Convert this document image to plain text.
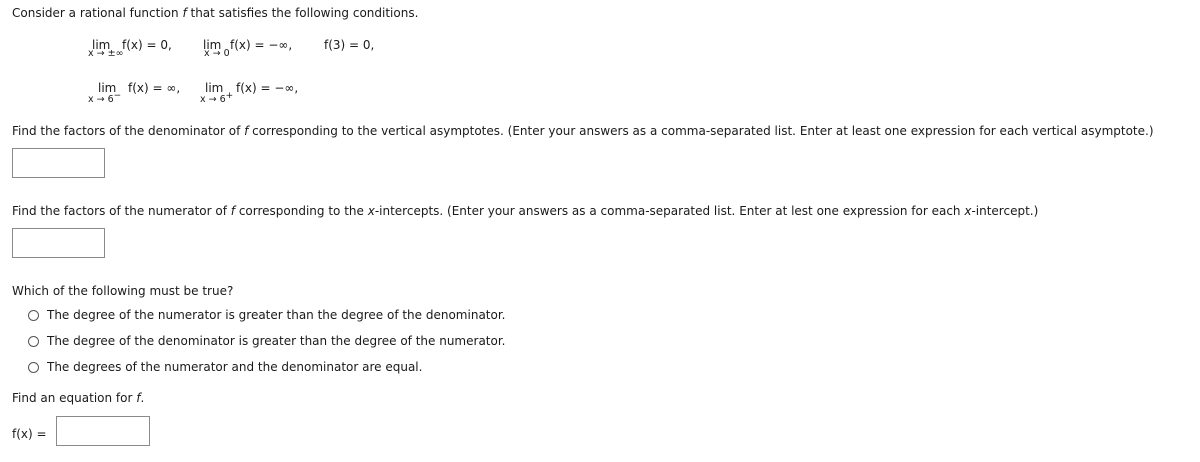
Consider a rational function f that satisfies the following conditions.
lim
x → ±∞
f(x) = 0,	lim
x → 0
f(x) = −∞,	f(3) = 0,
lim
x → 6−
f(x) = ∞, lim
x → 6+
f(x) = −∞,
Find the factors of the denominator of f corresponding to the vertical asymptotes. (Enter your answers as a comma-separated list. Enter at least one expression for each vertical asymptote.)
Find the factors of the numerator of f corresponding to the x-intercepts. (Enter your answers as a comma-separated list. Enter at lest one expression for each x-intercept.)
Which of the following must be true?
The degree of the numerator is greater than the degree of the denominator.
The degree of the denominator is greater than the degree of the numerator.
The degrees of the numerator and the denominator are equal.
Find an equation for f.
f(x) =
